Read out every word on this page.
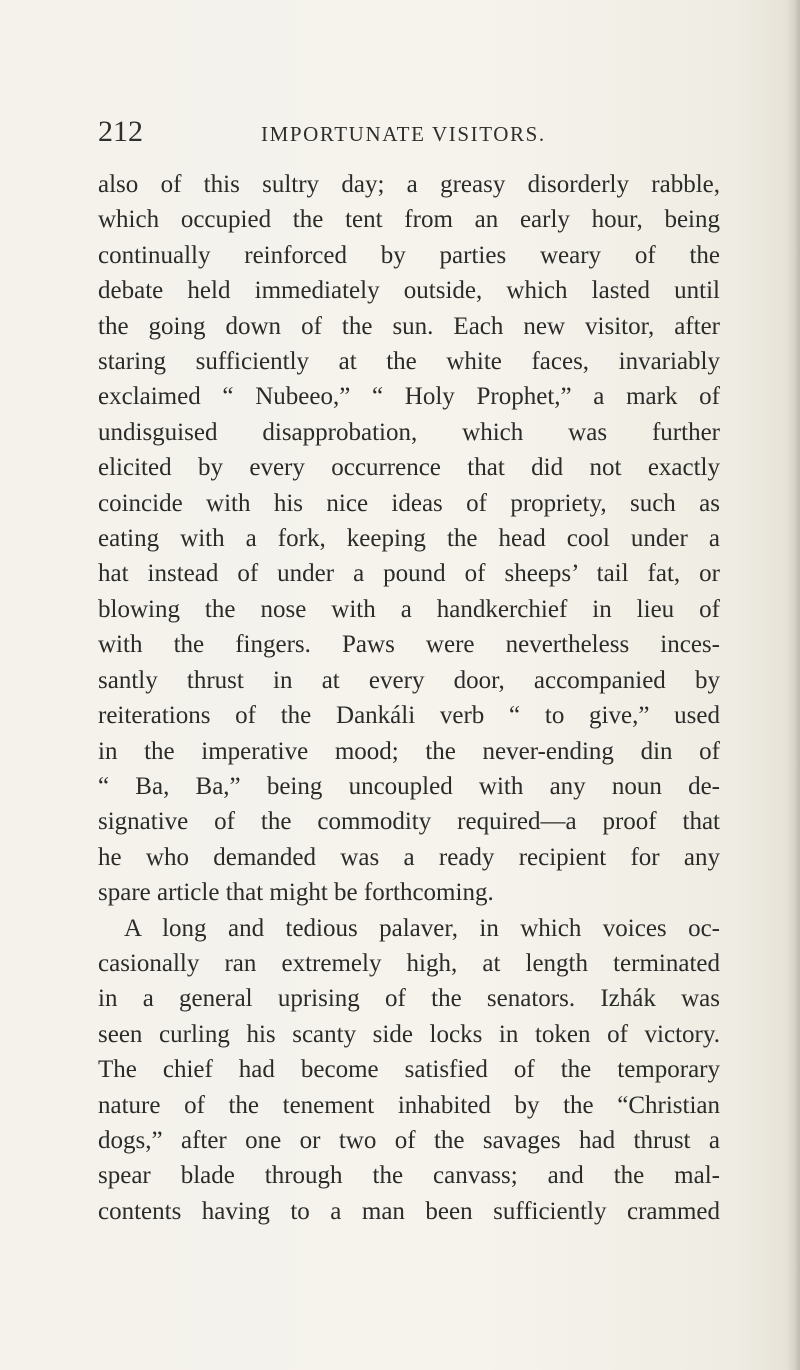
212	IMPORTUNATE VISITORS.
also of this sultry day; a greasy disorderly rabble,
which occupied the tent from an early hour, being
continually reinforced by parties weary of the
debate held immediately outside, which lasted until
the going down of the sun. Each new visitor, after
staring sufficiently at the white faces, invariably
exclaimed “ Nubeeo,” “ Holy Prophet,” a mark of
undisguised disapprobation, which was further
elicited by every occurrence that did not exactly
coincide with his nice ideas of propriety, such as
eating with a fork, keeping the head cool under a
hat instead of under a pound of sheeps’ tail fat, or
blowing the nose with a handkerchief in lieu of
with the fingers. Paws were nevertheless inces-
santly thrust in at every door, accompanied by
reiterations of the Dankáli verb “ to give,” used
in the imperative mood; the never-ending din of
“ Ba, Ba,” being uncoupled with any noun de-
signative of the commodity required—a proof that
he who demanded was a ready recipient for any
spare article that might be forthcoming.
A long and tedious palaver, in which voices oc-
casionally ran extremely high, at length terminated
in a general uprising of the senators. Izhák was
seen curling his scanty side locks in token of victory.
The chief had become satisfied of the temporary
nature of the tenement inhabited by the “Christian
dogs,” after one or two of the savages had thrust a
spear blade through the canvass; and the mal-
contents having to a man been sufficiently crammed
